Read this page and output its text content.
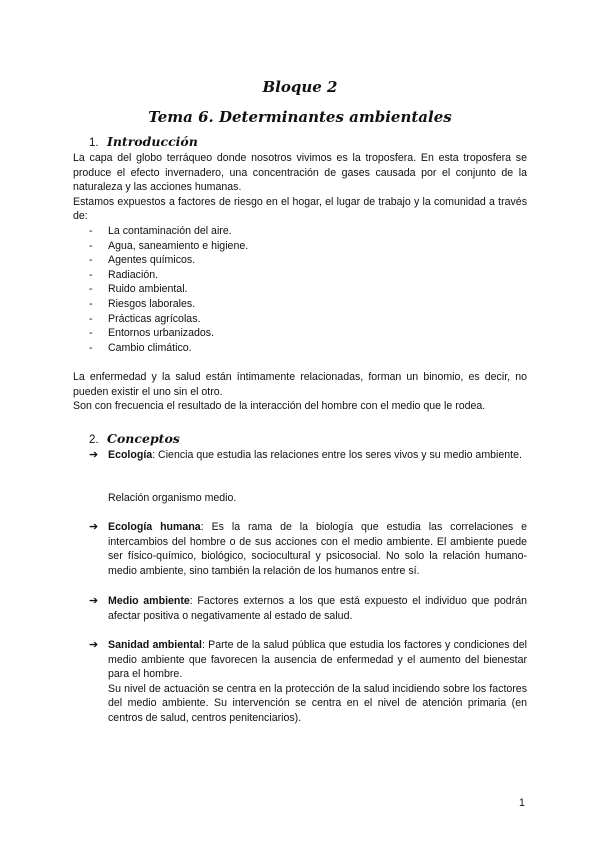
Bloque 2
Tema 6. Determinantes ambientales
1. Introducción

La capa del globo terráqueo donde nosotros vivimos es la troposfera. En esta troposfera se produce el efecto invernadero, una concentración de gases causada por el conjunto de la naturaleza y las acciones humanas.

Estamos expuestos a factores de riesgo en el hogar, el lugar de trabajo y la comunidad a través de:

-	La contaminación del aire.
-	Agua, saneamiento e higiene.
-	Agentes químicos.
-	Radiación.
-	Ruido ambiental.
-	Riesgos laborales.
-	Prácticas agrícolas.
-	Entornos urbanizados.
-	Cambio climático.

La enfermedad y la salud están íntimamente relacionadas, forman un binomio, es decir, no pueden existir el uno sin el otro.

Son con frecuencia el resultado de la interacción del hombre con el medio que le rodea.

2. Conceptos
➔ Ecología: Ciencia que estudia las relaciones entre los seres vivos y su medio ambiente.

Relación organismo medio.
➔ Ecología humana: Es la rama de la biología que estudia las correlaciones e intercambios del hombre o de sus acciones con el medio ambiente. El ambiente puede ser físico-químico, biológico, sociocultural y psicosocial. No solo la relación humano-medio ambiente, sino también la relación de los humanos entre sí.

➔ Medio ambiente: Factores externos a los que está expuesto el individuo que podrán afectar positiva o negativamente al estado de salud.

➔ Sanidad ambiental: Parte de la salud pública que estudia los factores y condiciones del medio ambiente que favorecen la ausencia de enfermedad y el aumento del bienestar para el hombre.

Su nivel de actuación se centra en la protección de la salud incidiendo sobre los factores del medio ambiente. Su intervención se centra en el nivel de atención primaria (en centros de salud, centros penitenciarios).

1
